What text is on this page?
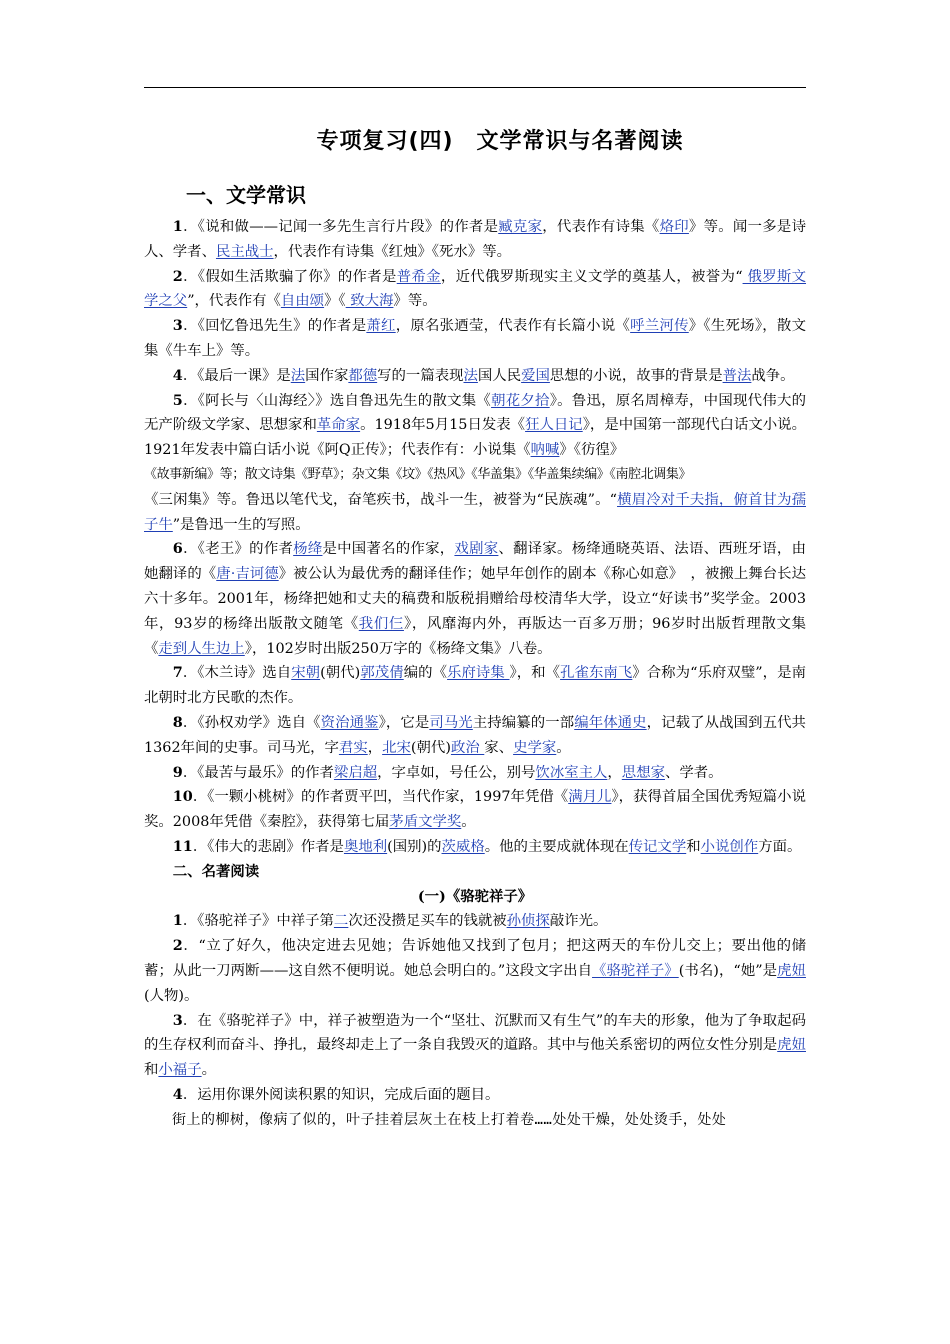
专项复习(四)　文学常识与名著阅读
一、文学常识

1．《说和做——记闻一多先生言行片段》的作者是臧克家，代表作有诗集《烙印》等。闻一多是诗人、学者、民主战士，代表作有诗集《红烛》《死水》等。

2．《假如生活欺骗了你》的作者是普希金，近代俄罗斯现实主义文学的奠基人，被誉为“ 俄罗斯文学之父”，代表作有《自由颂》《 致大海》等。

3．《回忆鲁迅先生》的作者是萧红，原名张迺莹，代表作有长篇小说《呼兰河传》《生死场》，散文集《牛车上》等。

4．《最后一课》是法国作家都德写的一篇表现法国人民爱国思想的小说，故事的背景是普法战争。

5．《阿长与〈山海经〉》选自鲁迅先生的散文集《朝花夕拾》。鲁迅，原名周樟寿，中国现代伟大的无产阶级文学家、思想家和革命家。1918年5月15日发表《狂人日记》，是中国第一部现代白话文小说。1921年发表中篇白话小说《阿Q正传》；代表作有：小说集《呐喊》《彷徨》

《故事新编》等；散文诗集《野草》；杂文集《坟》《热风》《华盖集》《华盖集续编》《南腔北调集》

《三闲集》等。鲁迅以笔代戈，奋笔疾书，战斗一生，被誉为“民族魂”。“横眉冷对千夫指，俯首甘为孺子牛”是鲁迅一生的写照。

6．《老王》的作者杨绛是中国著名的作家，戏剧家、翻译家。杨绛通晓英语、法语、西班牙语，由她翻译的《唐·吉诃德》被公认为最优秀的翻译佳作；她早年创作的剧本《称心如意》　，被搬上舞台长达六十多年。2001年，杨绛把她和丈夫的稿费和版税捐赠给母校清华大学，设立“好读书”奖学金。2003年，93岁的杨绛出版散文随笔《我们仨》，风靡海内外，再版达一百多万册；96岁时出版哲理散文集《走到人生边上》，102岁时出版250万字的《杨绛文集》八卷。

7．《木兰诗》选自宋朝(朝代)郭茂倩编的《乐府诗集 》，和《孔雀东南飞》合称为“乐府双璧”，是南北朝时北方民歌的杰作。

8．《孙权劝学》选自《资治通鉴》，它是司马光主持编纂的一部编年体通史，记载了从战国到五代共1362年间的史事。司马光，字君实，北宋(朝代)政治 家、史学家。

9．《最苦与最乐》的作者梁启超，字卓如，号任公，别号饮冰室主人，思想家、学者。

10．《一颗小桃树》的作者贾平凹，当代作家，1997年凭借《满月儿》，获得首届全国优秀短篇小说奖。2008年凭借《秦腔》，获得第七届茅盾文学奖。

11．《伟大的悲剧》作者是奥地利(国别)的茨威格。他的主要成就体现在传记文学和小说创作方面。

二、名著阅读

(一)《骆驼祥子》

1．《骆驼祥子》中祥子第二次还没攒足买车的钱就被孙侦探敲诈光。

2．“立了好久，他决定进去见她；告诉她他又找到了包月；把这两天的车份儿交上；要出他的储蓄；从此一刀两断——这自然不便明说。她总会明白的。”这段文字出自《骆驼祥子》(书名)，“她”是虎妞(人物)。

3．在《骆驼祥子》中，祥子被塑造为一个“坚壮、沉默而又有生气”的车夫的形象，他为了争取起码的生存权利而奋斗、挣扎，最终却走上了一条自我毁灭的道路。其中与他关系密切的两位女性分别是虎妞和小福子。

4．运用你课外阅读积累的知识，完成后面的题目。

街上的柳树，像病了似的，叶子挂着层灰土在枝上打着卷……处处干燥，处处烫手，处处
